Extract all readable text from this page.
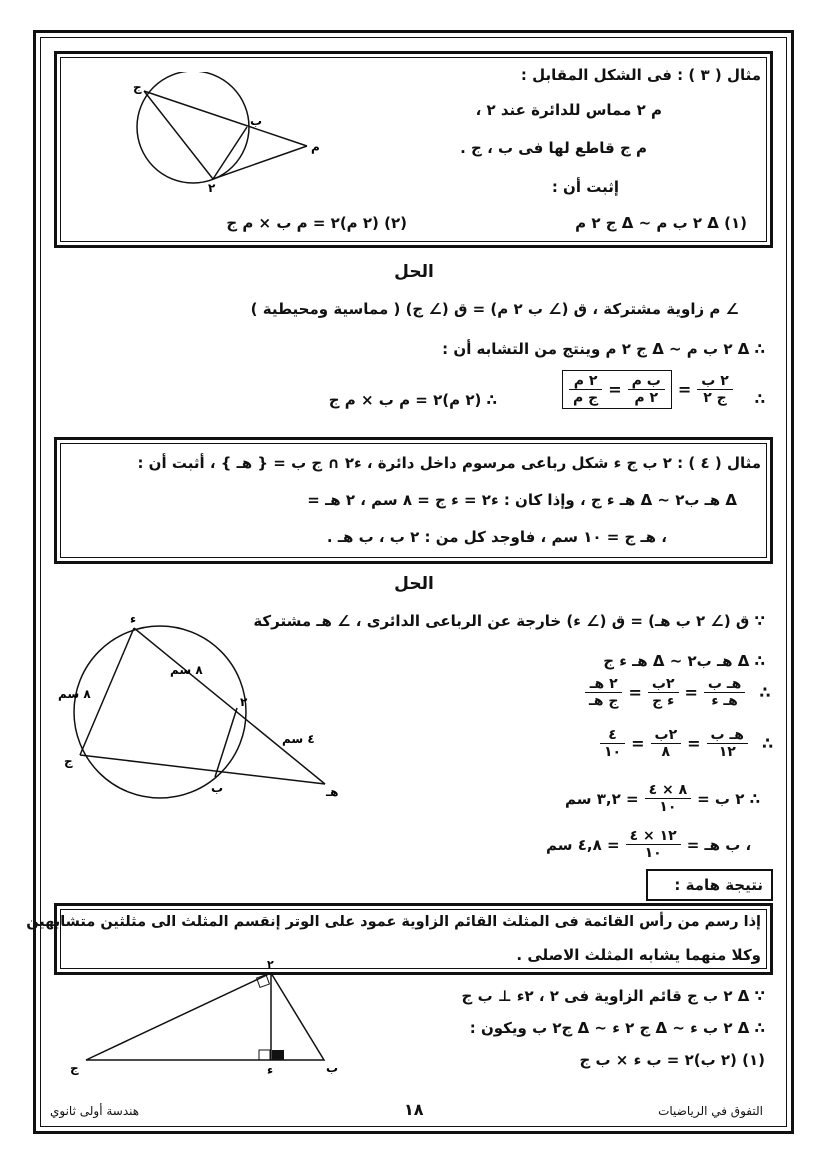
مثال ( ٣ ) : فى الشكل المقابل :
م ٢ مماس للدائرة عند ٢ ،
م ج قاطع لها فى ب ، ج .
إثبت أن :
(١) Δ ٢ ب م ~ Δ ج ٢ م
(٢) (٢ م)٢ = م ب × م ج
ج
ب
م
٢
الحل
∠ م زاوية مشتركة ، ق (∠ ب ٢ م) = ق (∠ ج) ( مماسية ومحيطية )
∴ Δ ٢ ب م ~ Δ ج ٢ م وينتج من التشابه أن :
∴
$\frac{\text{٢ م}}{\text{ج م}} = \frac{\text{ب م}}{\text{٢ م}} = \frac{\text{٢ ب}}{\text{ج ٢}}$
∴ (٢ م)٢ = م ب × م ج
مثال ( ٤ ) : ٢ ب ج ء شكل رباعى مرسوم داخل دائرة ، ء٢ ∩ ج ب = { هـ } ، أثبت أن :
Δ هـ ب٢ ~ Δ هـ ء ج ، وإذا كان : ء٢ = ء ج = ٨ سم ، ٢ هـ =
، هـ ج = ١٠ سم ، فاوجد كل من : ٢ ب ، ب هـ .
الحل
∵ ق (∠ ٢ ب هـ) = ق (∠ ء) خارجة عن الرباعى الدائرى ، ∠ هـ مشتركة
∴ Δ هـ ب٢ ~ Δ هـ ء ج
$\frac{\text{٢ هـ}}{\text{ج هـ}} = \frac{\text{٢ب}}{\text{ء ج}} = \frac{\text{هـ ب}}{\text{هـ ء}}$ ∴
$\frac{٤}{١٠} = \frac{\text{٢ب}}{٨} = \frac{\text{هـ ب}}{١٢}$ ∴
= ٣,٢ سم $\frac{٨ \times ٤}{١٠}$ ∴ ٢ ب =
= ٤,٨ سم $\frac{١٢ \times ٤}{١٠}$ ، ب هـ =
ء
٢
ج
ب	هـ
٨ سم
٨ سم
٤ سم
نتيجة هامة :
إذا رسم من رأس القائمة فى المثلث القائم الزاوية عمود على الوتر إنقسم المثلث الى مثلثين متشابهين
وكلا منهما يشابه المثلث الاصلى .
∵ Δ ٢ ب ج قائم الزاوية فى ٢ ، ٢ء ⊥ ب ج
∴ Δ ٢ ب ء ~ Δ ج ٢ ء ~ Δ ج٢ ب ويكون :
(١) (٢ ب)٢ = ب ء × ب ج
٢
ج	ء	ب
التفوق في الرياضيات
١٨
هندسة أولى ثانوي
